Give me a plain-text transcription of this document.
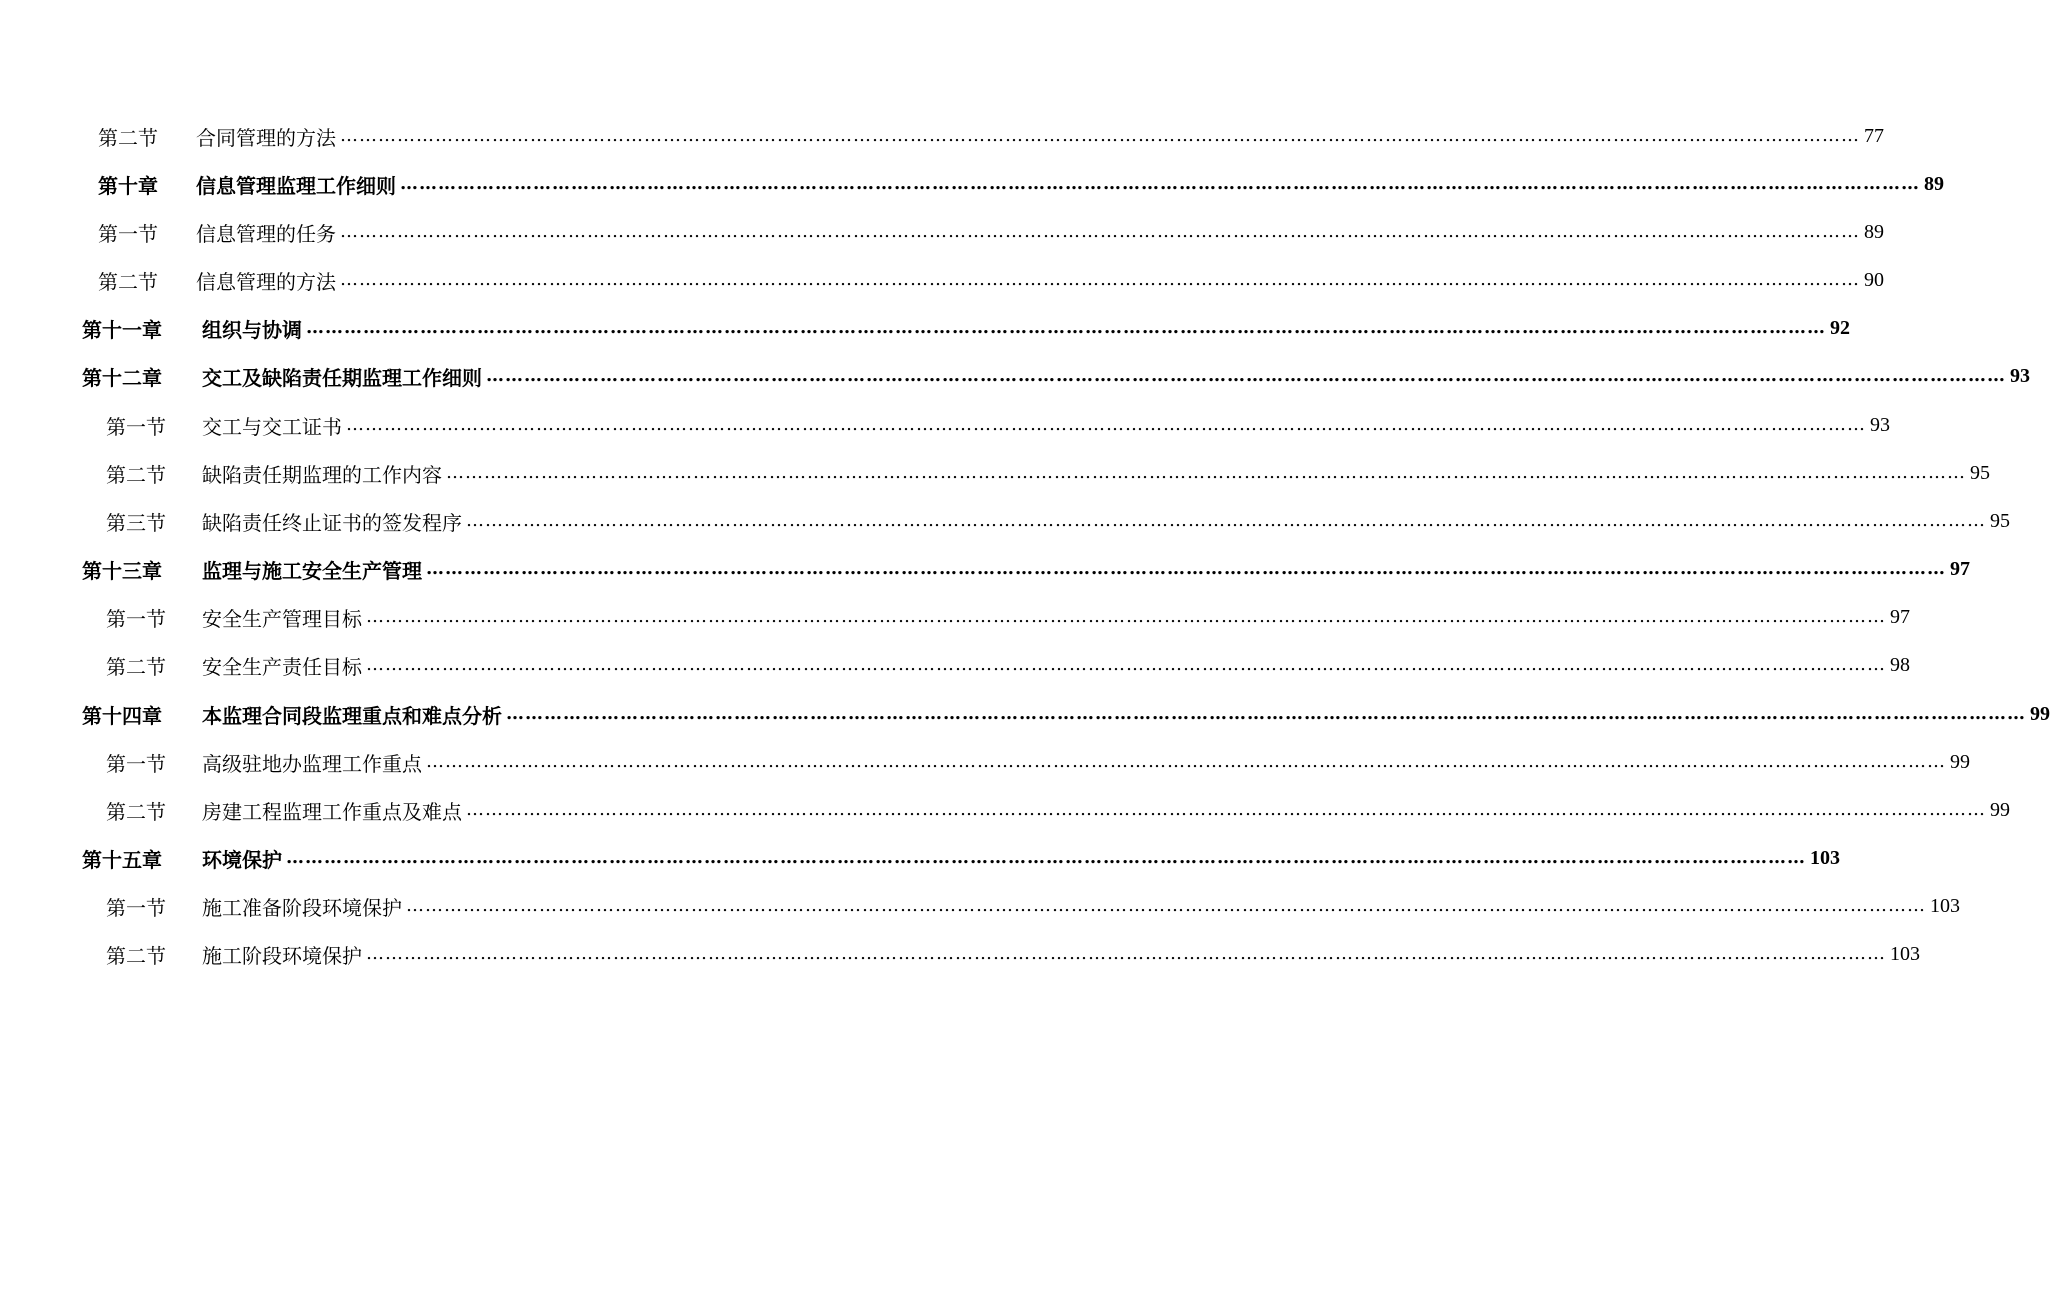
第二节	合同管理的方法 …………………………………………………………………………………………………………………………………………………………………………………………………………………… 77
第十章	信息管理监理工作细则 …………………………………………………………………………………………………………………………………………………………………………………………………………………… 89
第一节	信息管理的任务 …………………………………………………………………………………………………………………………………………………………………………………………………………………… 89
第二节	信息管理的方法 …………………………………………………………………………………………………………………………………………………………………………………………………………………… 90
第十一章	组织与协调 …………………………………………………………………………………………………………………………………………………………………………………………………………………… 92
第十二章	交工及缺陷责任期监理工作细则 …………………………………………………………………………………………………………………………………………………………………………………………………………………… 93
第一节	交工与交工证书 …………………………………………………………………………………………………………………………………………………………………………………………………………………… 93
第二节	缺陷责任期监理的工作内容 …………………………………………………………………………………………………………………………………………………………………………………………………………………… 95
第三节	缺陷责任终止证书的签发程序 …………………………………………………………………………………………………………………………………………………………………………………………………………………… 95
第十三章	监理与施工安全生产管理 …………………………………………………………………………………………………………………………………………………………………………………………………………………… 97
第一节	安全生产管理目标 …………………………………………………………………………………………………………………………………………………………………………………………………………………… 97
第二节	安全生产责任目标 …………………………………………………………………………………………………………………………………………………………………………………………………………………… 98
第十四章	本监理合同段监理重点和难点分析 …………………………………………………………………………………………………………………………………………………………………………………………………………………… 99
第一节	高级驻地办监理工作重点 …………………………………………………………………………………………………………………………………………………………………………………………………………………… 99
第二节	房建工程监理工作重点及难点 …………………………………………………………………………………………………………………………………………………………………………………………………………………… 99
第十五章	环境保护 …………………………………………………………………………………………………………………………………………………………………………………………………………………… 103
第一节	施工准备阶段环境保护 …………………………………………………………………………………………………………………………………………………………………………………………………………………… 103
第二节	施工阶段环境保护 …………………………………………………………………………………………………………………………………………………………………………………………………………………… 103
